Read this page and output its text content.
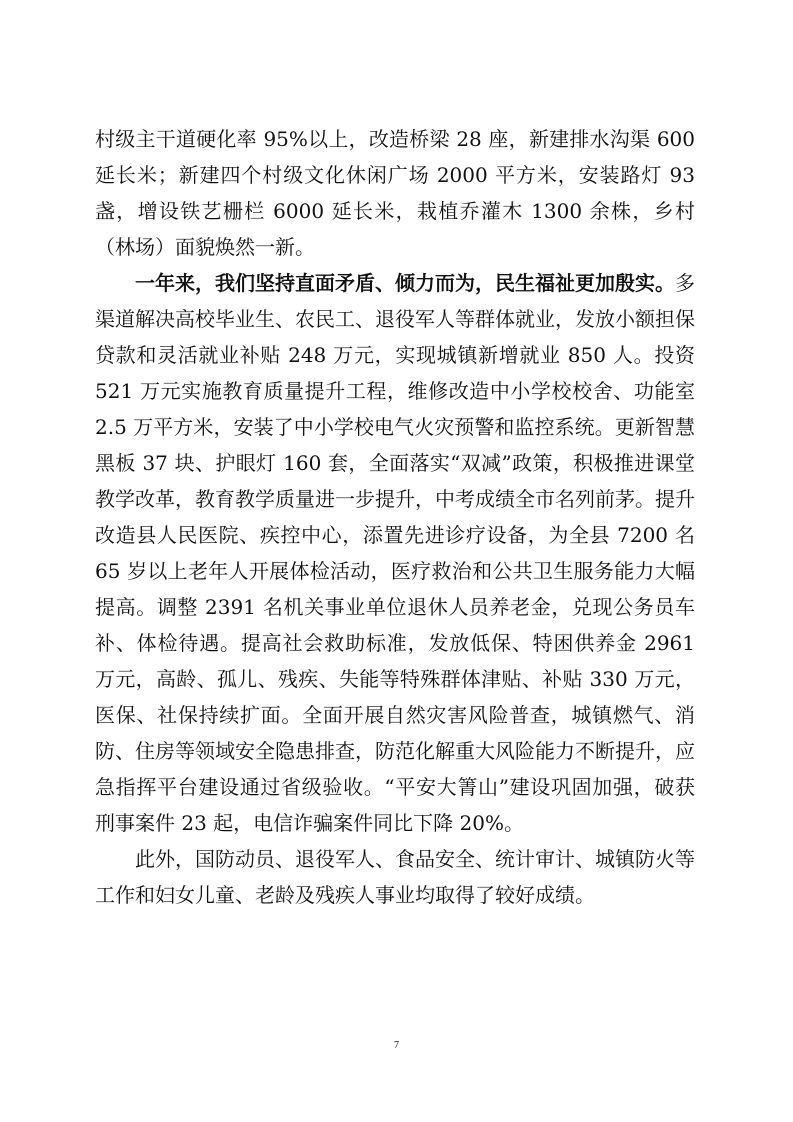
村级主干道硬化率 95%以上，改造桥梁 28 座，新建排水沟渠 600 延长米；新建四个村级文化休闲广场 2000 平方米，安装路灯 93 盏，增设铁艺栅栏 6000 延长米，栽植乔灌木 1300 余株，乡村（林场）面貌焕然一新。

一年来，我们坚持直面矛盾、倾力而为，民生福祉更加殷实。多渠道解决高校毕业生、农民工、退役军人等群体就业，发放小额担保贷款和灵活就业补贴 248 万元，实现城镇新增就业 850 人。投资 521 万元实施教育质量提升工程，维修改造中小学校校舍、功能室 2.5 万平方米，安装了中小学校电气火灾预警和监控系统。更新智慧黑板 37 块、护眼灯 160 套，全面落实“双减”政策，积极推进课堂教学改革，教育教学质量进一步提升，中考成绩全市名列前茅。提升改造县人民医院、疾控中心，添置先进诊疗设备，为全县 7200 名 65 岁以上老年人开展体检活动，医疗救治和公共卫生服务能力大幅提高。调整 2391 名机关事业单位退休人员养老金，兑现公务员车补、体检待遇。提高社会救助标准，发放低保、特困供养金 2961 万元，高龄、孤儿、残疾、失能等特殊群体津贴、补贴 330 万元，医保、社保持续扩面。全面开展自然灾害风险普查，城镇燃气、消防、住房等领域安全隐患排查，防范化解重大风险能力不断提升，应急指挥平台建设通过省级验收。“平安大箐山”建设巩固加强，破获刑事案件 23 起，电信诈骗案件同比下降 20%。

此外，国防动员、退役军人、食品安全、统计审计、城镇防火等工作和妇女儿童、老龄及残疾人事业均取得了较好成绩。

7
